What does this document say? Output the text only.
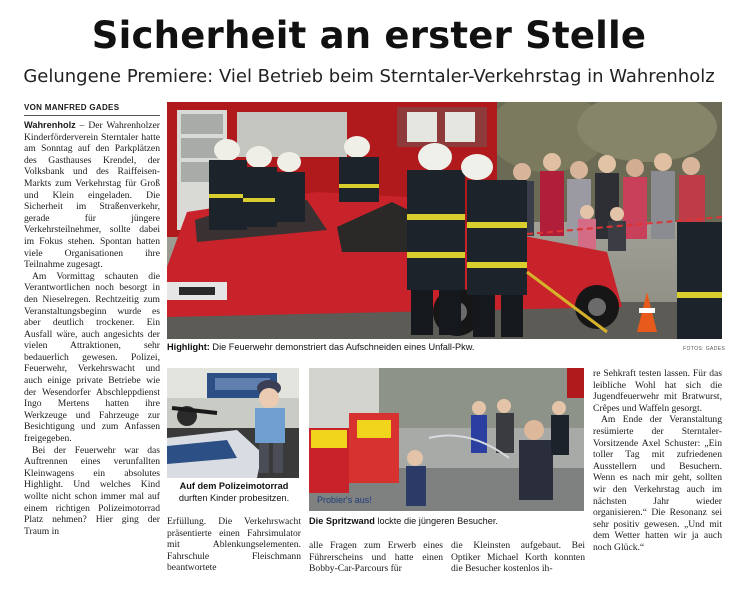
Sicherheit an erster Stelle
Gelungene Premiere: Viel Betrieb beim Sterntaler-Verkehrstag in Wahrenholz
VON MANFRED GADES

Wahrenholz – Der Wahrenholzer Kinderförderverein Sterntaler hatte am Sonntag auf den Parkplätzen des Gasthauses Krendel, der Volksbank und des Raiffeisen-Markts zum Verkehrstag für Groß und Klein eingeladen. Die Sicherheit im Straßenverkehr, gerade für jüngere Verkehrsteilnehmer, sollte dabei im Fokus stehen. Spontan hatten viele Organisationen ihre Teilnahme zugesagt.

Am Vormittag schauten die Verantwortlichen noch besorgt in den Nieselregen. Rechtzeitig zum Veranstaltungsbeginn wurde es aber deutlich trockener. Ein Ausfall wäre, auch angesichts der vielen Attraktionen, sehr bedauerlich gewesen. Polizei, Feuerwehr, Verkehrswacht und auch einige private Betriebe wie der Wesendorfer Abschleppdienst Ingo Mertens hatten ihre Werkzeuge und Fahrzeuge zur Besichtigung und zum Anfassen freigegeben.

Bei der Feuerwehr war das Auftrennen eines verunfallten Kleinwagens ein absolutes Highlight. Und welches Kind wollte nicht schon immer mal auf einem richtigen Polizeimotorrad Platz nehmen? Hier ging der Traum in

Highlight: Die Feuerwehr demonstriert das Aufschneiden eines Unfall-Pkw.	FOTOS: GADES
Auf dem Polizeimotorrad durften Kinder probesitzen.

Erfüllung. Die Verkehrswacht präsentierte einen Fahrsimulator mit Ablenkungselementen. Fahrschule Fleischmann beantwortete

Probier's aus!
Die Spritzwand lockte die jüngeren Besucher.

alle Fragen zum Erwerb eines Führerscheins und hatte einen Bobby-Car-Parcours für

die Kleinsten aufgebaut. Bei Optiker Michael Korth konnten die Besucher kostenlos ih-

re Sehkraft testen lassen. Für das leibliche Wohl hat sich die Jugendfeuerwehr mit Bratwurst, Crêpes und Waffeln gesorgt.

Am Ende der Veranstaltung resümierte der Sterntaler-Vorsitzende Axel Schuster: „Ein toller Tag mit zufriedenen Ausstellern und Besuchern. Wenn es nach mir geht, sollten wir den Verkehrstag auch im nächsten Jahr wieder organisieren.“ Die Resonanz sei sehr positiv gewesen. „Und mit dem Wetter hatten wir ja auch noch Glück.“
